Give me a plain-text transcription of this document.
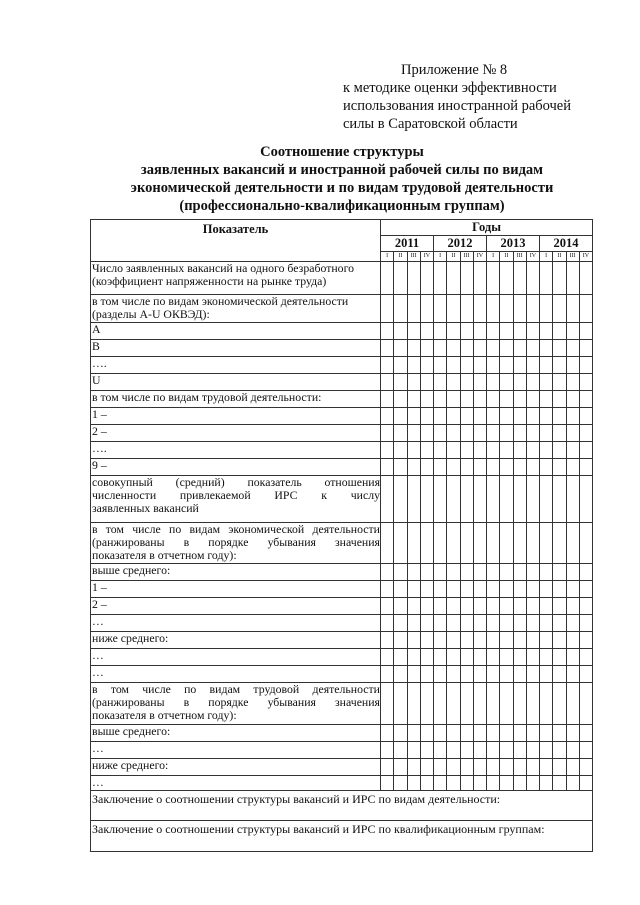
Приложение № 8
к методике оценки эффективности
использования иностранной рабочей
силы в Саратовской области
Соотношение структуры
заявленных вакансий и иностранной рабочей силы по видам
экономической деятельности и по видам трудовой деятельности
(профессионально-квалификационным группам)
Показатель	Годы															
	2011				2012				2013				2014			
	I	II	III	IV	I	II	III	IV	I	II	III	IV	I	II	III	IV
Число заявленных вакансий на одного безработного (коэффициент напряженности на рынке труда)																
в том числе по видам экономической деятельности (разделы A-U ОКВЭД):																
A																
B																
….																
U																
в том числе по видам трудовой деятельности:																
1 –																
2 –																
….																
9 –																
совокупный (средний) показатель отношения численности привлекаемой ИРС к числу
заявленных вакансий																

в том числе по видам экономической деятельности (ранжированы в порядке убывания значения
показателя в отчетном году):																

выше среднего:																
1 –																
2 –																
…																
ниже среднего:																
…																
…																
в том числе по видам трудовой деятельности (ранжированы в порядке убывания значения
показателя в отчетном году):																

выше среднего:																
…																
ниже среднего:																
…																
Заключение о соотношении структуры вакансий и ИРС по видам деятельности:																
Заключение о соотношении структуры вакансий и ИРС по квалификационным группам:																
